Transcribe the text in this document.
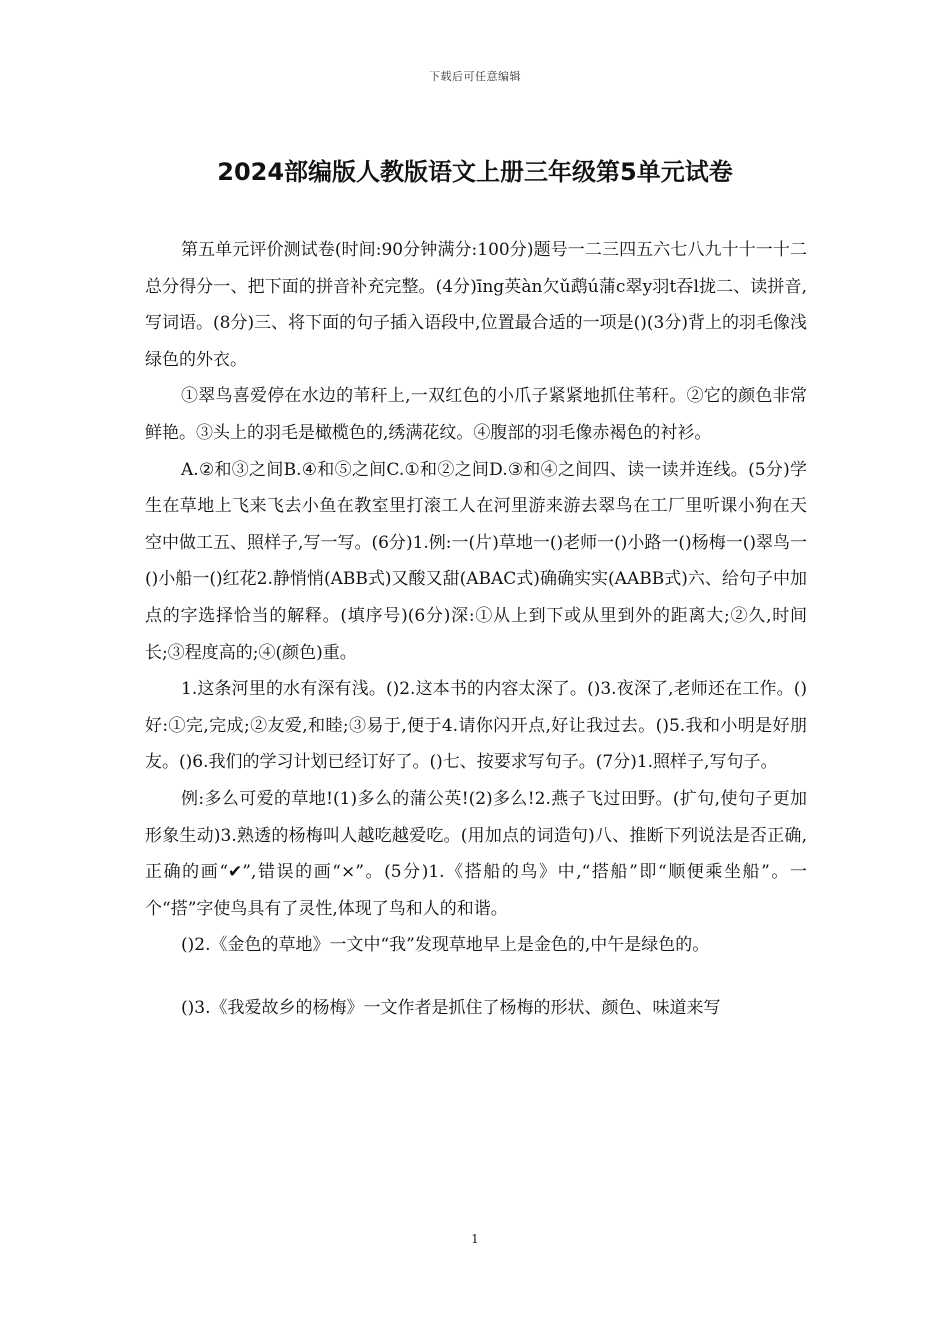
下载后可任意编辑
2024部编版人教版语文上册三年级第5单元试卷

第五单元评价测试卷(时间:90分钟满分:100分)题号一二三四五六七八九十十一十二总分得分一、把下面的拼音补充完整。(4分)īng英àn欠ǔ鹉ú蒲c翠y羽t吞l拢二、读拼音,写词语。(8分)三、将下面的句子插入语段中,位置最合适的一项是()(3分)背上的羽毛像浅绿色的外衣。

①翠鸟喜爱停在水边的苇秆上,一双红色的小爪子紧紧地抓住苇秆。②它的颜色非常鲜艳。③头上的羽毛是橄榄色的,绣满花纹。④腹部的羽毛像赤褐色的衬衫。

A.②和③之间B.④和⑤之间C.①和②之间D.③和④之间四、读一读并连线。(5分)学生在草地上飞来飞去小鱼在教室里打滚工人在河里游来游去翠鸟在工厂里听课小狗在天空中做工五、照样子,写一写。(6分)1.例:一(片)草地一()老师一()小路一()杨梅一()翠鸟一()小船一()红花2.静悄悄(ABB式)又酸又甜(ABAC式)确确实实(AABB式)六、给句子中加点的字选择恰当的解释。(填序号)(6分)深:①从上到下或从里到外的距离大;②久,时间长;③程度高的;④(颜色)重。

1.这条河里的水有深有浅。()2.这本书的内容太深了。()3.夜深了,老师还在工作。()好:①完,完成;②友爱,和睦;③易于,便于4.请你闪开点,好让我过去。()5.我和小明是好朋友。()6.我们的学习计划已经订好了。()七、按要求写句子。(7分)1.照样子,写句子。

例:多么可爱的草地!(1)多么的蒲公英!(2)多么!2.燕子飞过田野。(扩句,使句子更加形象生动)3.熟透的杨梅叫人越吃越爱吃。(用加点的词造句)八、推断下列说法是否正确,正确的画“✔”,错误的画“×”。(5分)1.《搭船的鸟》中,“搭船”即“顺便乘坐船”。一个“搭”字使鸟具有了灵性,体现了鸟和人的和谐。

()2.《金色的草地》一文中“我”发现草地早上是金色的,中午是绿色的。

()3.《我爱故乡的杨梅》一文作者是抓住了杨梅的形状、颜色、味道来写

1
